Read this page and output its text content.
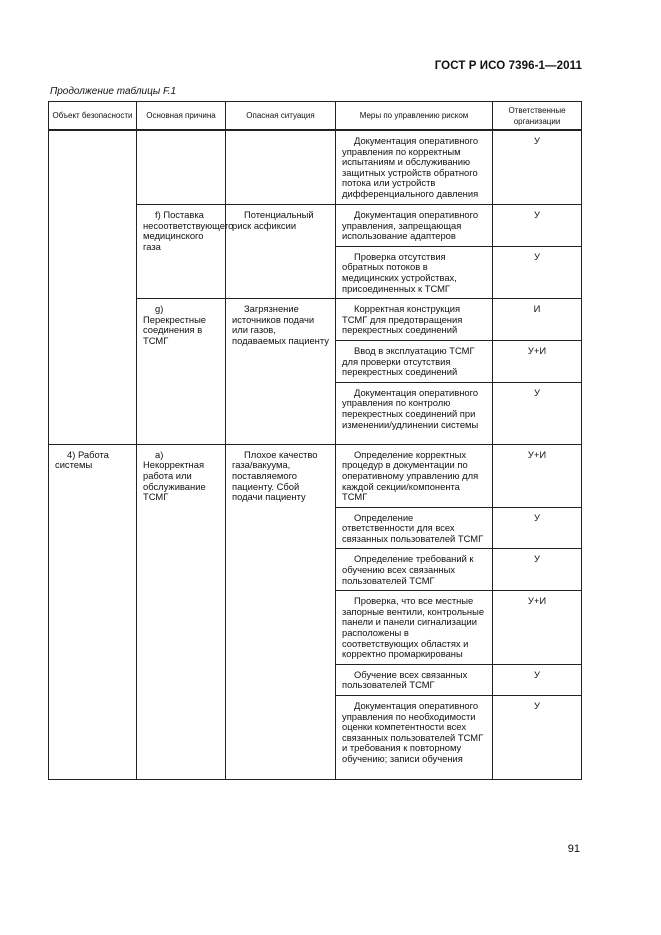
ГОСТ Р ИСО 7396-1—2011
Продолжение таблицы F.1
Объект безопасности	Основная причина	Опасная ситуация	Меры по управлению риском	Ответственные организации
			Документация оперативного управления по корректным испытаниям и обслуживанию защитных устройств обратного потока или устройств дифференциального давления	У
	f) Поставка несоответствующего медицинского газа	Потенциальный риск асфиксии	Документация оперативного управления, запрещающая использование адаптеров	У
			Проверка отсутствия обратных потоков в медицинских устройствах, присоединенных к ТСМГ	У
	g) Перекрестные соединения в ТСМГ	Загрязнение источников подачи или газов, подаваемых пациенту	Корректная конструкция ТСМГ для предотвращения перекрестных соединений	И
			Ввод в эксплуатацию ТСМГ для проверки отсутствия перекрестных соединений	У+И
			Документация оперативного управления по контролю перекрестных соединений при изменении/удлинении системы	У
4) Работа системы	а) Некорректная работа или обслуживание ТСМГ	Плохое качество газа/вакуума, поставляемого пациенту. Сбой подачи пациенту	Определение корректных процедур в документации по оперативному управлению для каждой секции/компонента ТСМГ	У+И
			Определение ответственности для всех связанных пользователей ТСМГ	У
			Определение требований к обучению всех связанных пользователей ТСМГ	У
			Проверка, что все местные запорные вентили, контрольные панели и панели сигнализации расположены в соответствующих областях и корректно промаркированы	У+И
			Обучение всех связанных пользователей ТСМГ	У
			Документация оперативного управления по необходимости оценки компетентности всех связанных пользователей ТСМГ и требования к повторному обучению; записи обучения	У
91
